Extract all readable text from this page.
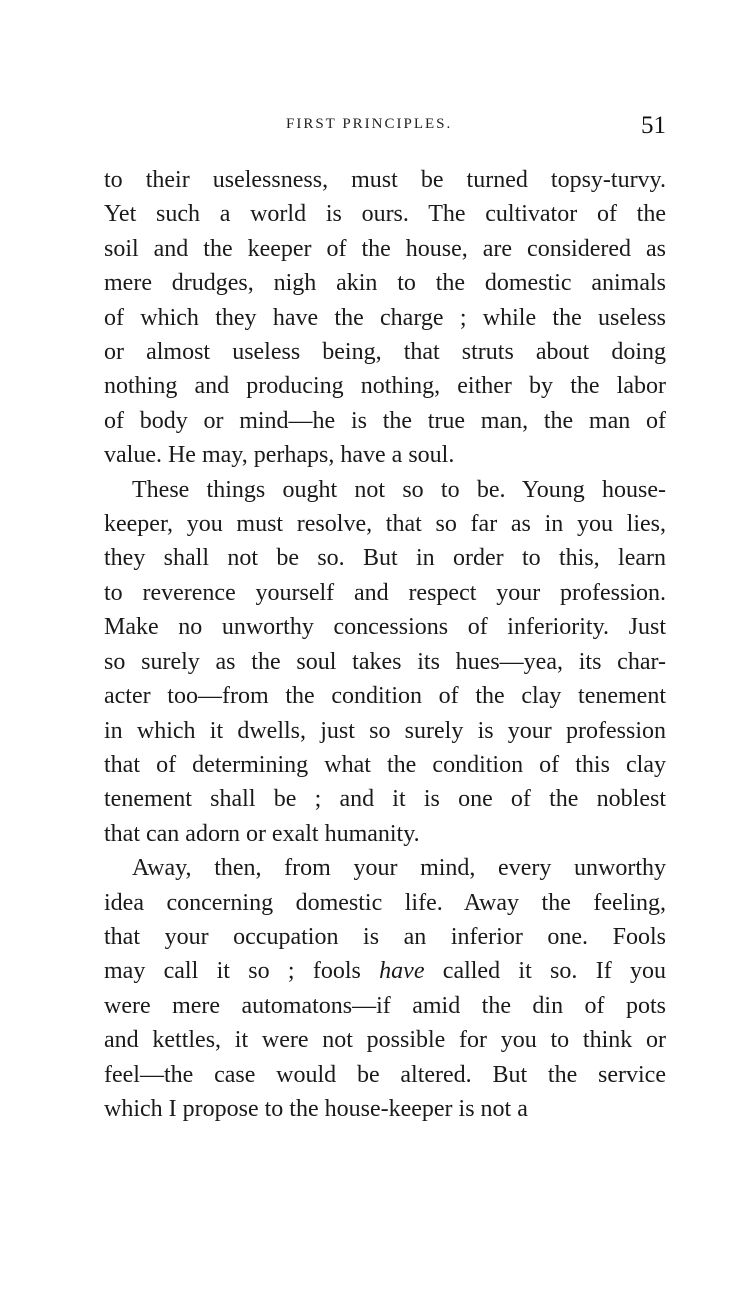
FIRST PRINCIPLES.	51

to their uselessness, must be turned topsy-turvy.
Yet such a world is ours. The cultivator of the
soil and the keeper of the house, are considered as
mere drudges, nigh akin to the domestic animals
of which they have the charge ; while the useless
or almost useless being, that struts about doing
nothing and producing nothing, either by the labor
of body or mind—he is the true man, the man of
value. He may, perhaps, have a soul.

These things ought not so to be. Young house-
keeper, you must resolve, that so far as in you lies,
they shall not be so. But in order to this, learn
to reverence yourself and respect your profession.
Make no unworthy concessions of inferiority. Just
so surely as the soul takes its hues—yea, its char-
acter too—from the condition of the clay tenement
in which it dwells, just so surely is your profession
that of determining what the condition of this clay
tenement shall be ; and it is one of the noblest
that can adorn or exalt humanity.

Away, then, from your mind, every unworthy
idea concerning domestic life. Away the feeling,
that your occupation is an inferior one. Fools
may call it so ; fools have called it so. If you
were mere automatons—if amid the din of pots
and kettles, it were not possible for you to think or
feel—the case would be altered. But the service
which I propose to the house-keeper is not a
